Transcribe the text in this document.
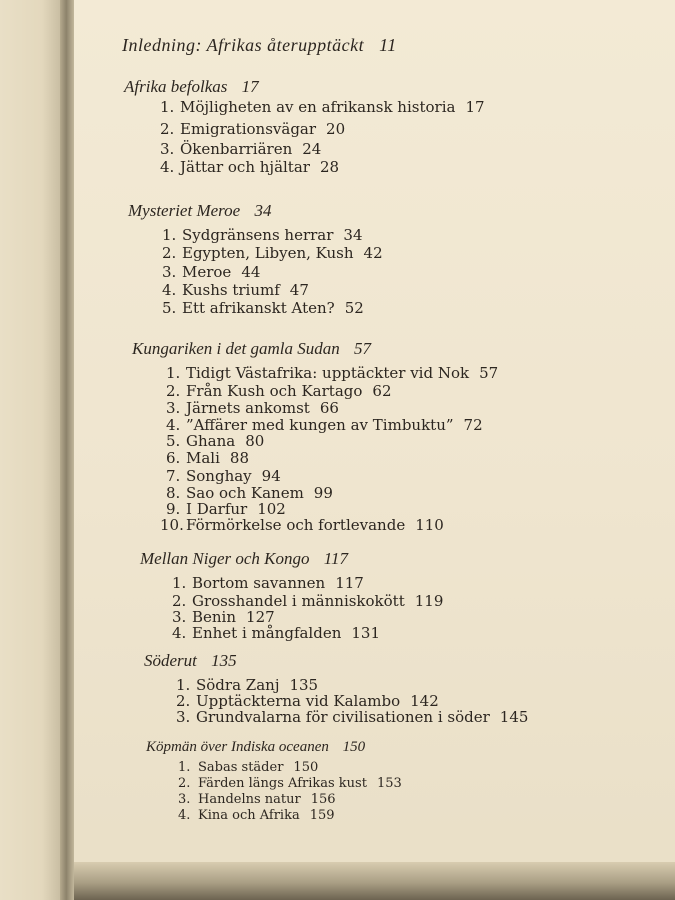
Inledning: Afrikas återupptäckt 11
Afrika befolkas 17
1. Möjligheten av en afrikansk historia 17
2. Emigrationsvägar 20
3. Ökenbarriären 24
4. Jättar och hjältar 28
Mysteriet Meroe 34
1. Sydgränsens herrar 34
2. Egypten, Libyen, Kush 42
3. Meroe 44
4. Kushs triumf 47
5. Ett afrikanskt Aten? 52
Kungariken i det gamla Sudan 57
1. Tidigt Västafrika: upptäckter vid Nok 57
2. Från Kush och Kartago 62
3. Järnets ankomst 66
4. ”Affärer med kungen av Timbuktu” 72
5. Ghana 80
6. Mali 88
7. Songhay 94
8. Sao och Kanem 99
9. I Darfur 102
10. Förmörkelse och fortlevande 110
Mellan Niger och Kongo 117
1. Bortom savannen 117
2. Grosshandel i människokött 119
3. Benin 127
4. Enhet i mångfalden 131
Söderut 135
1. Södra Zanj 135
2. Upptäckterna vid Kalambo 142
3. Grundvalarna för civilisationen i söder 145
Köpmän över Indiska oceanen 150
1. Sabas städer 150
2. Färden längs Afrikas kust 153
3. Handelns natur 156
4. Kina och Afrika 159
